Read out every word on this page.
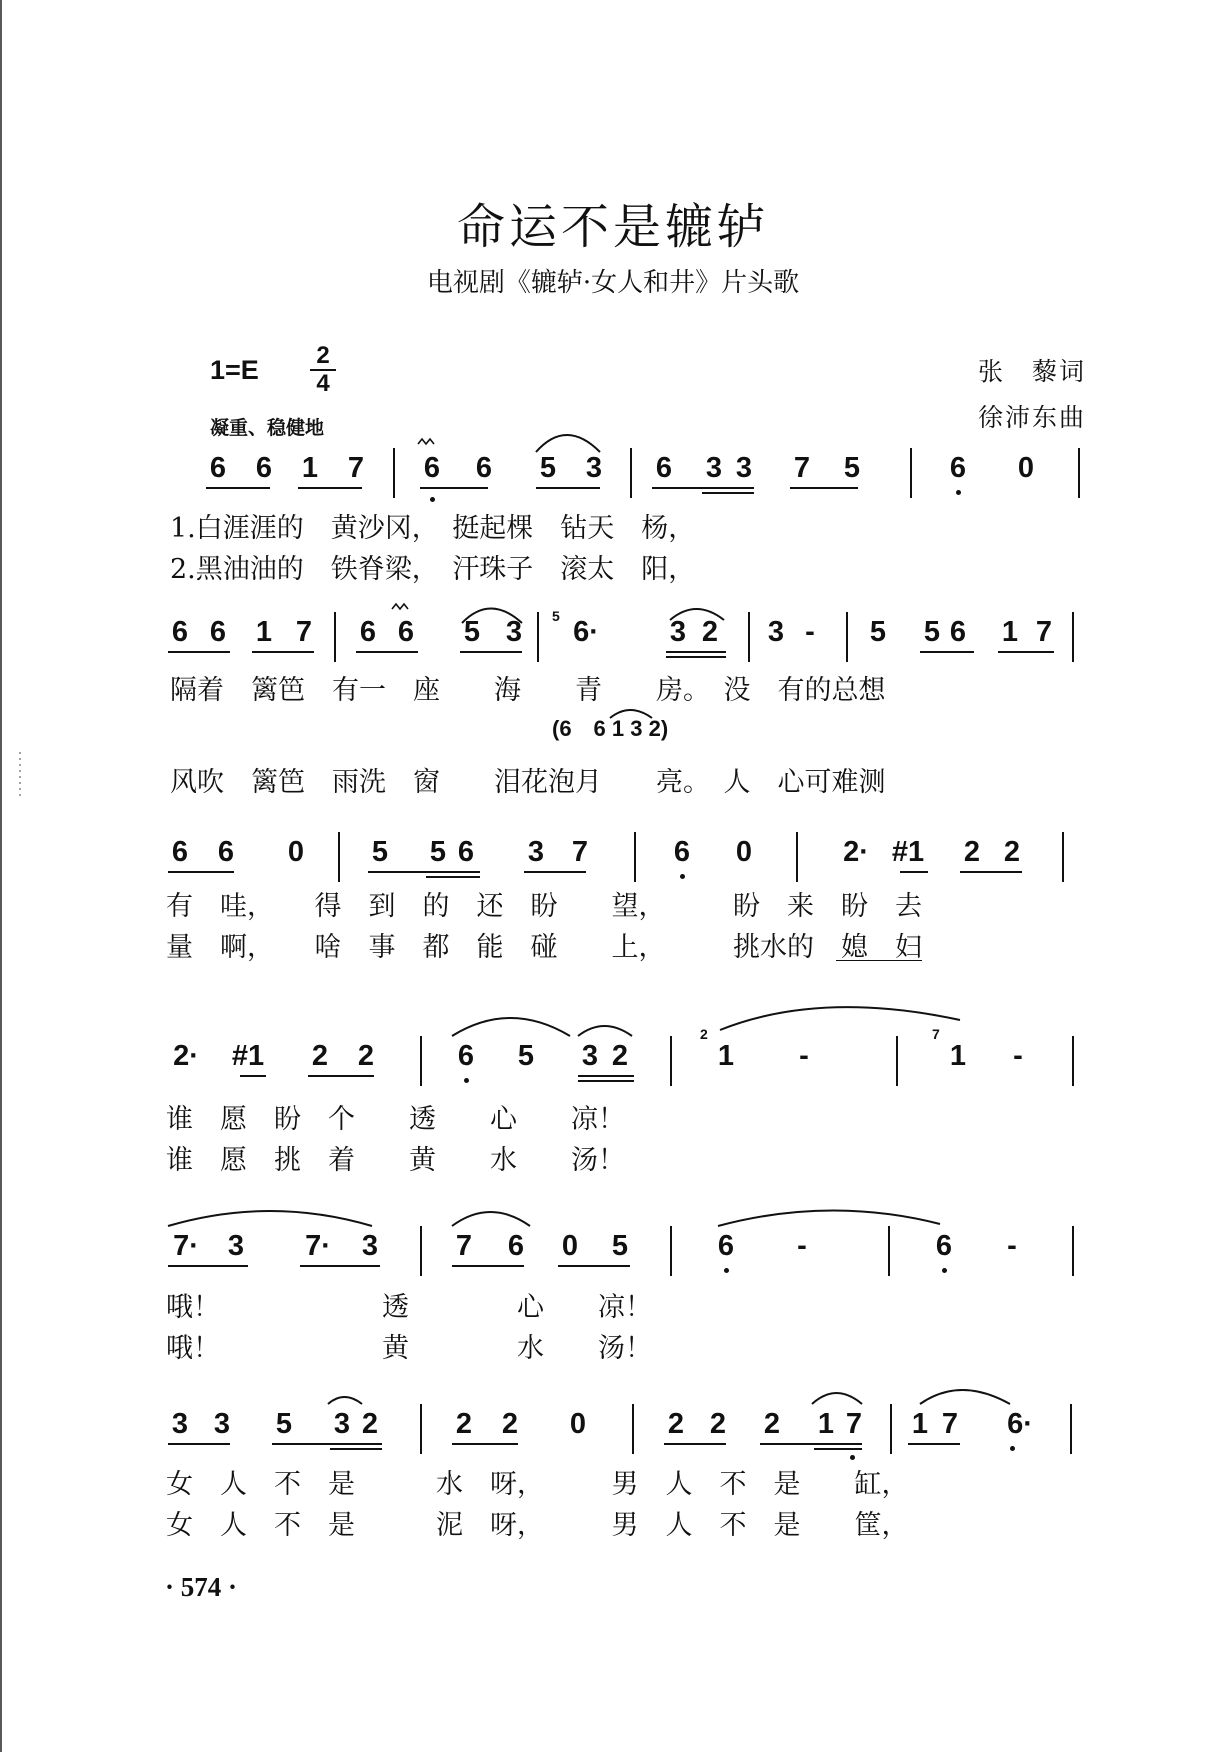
命运不是辘轳
电视剧《辘轳·女人和井》片头歌
1=E 2
4	张　藜词
徐沛东曲
凝重、稳健地
6 6 1 7 6 6 5 3 6 3 3 7 5	6 0
1.白涯涯的　黄沙冈，　挺起棵　钻天　杨，
2.黑油油的　铁脊梁，　汗珠子　滚太　阳，
6 6 1 7 6 6 5 3	5 6· 3 2 3 -	5 5 6 1 7
隔着　篱笆　有一　座　　海　　青　　房。　没　有的总想
(6　6 1 3 2)
风吹　篱笆　雨洗　窗　　泪花泡月　　亮。　人　心可难测
6 6 0 5 5 6 3 7	6 0	2· #1 2 2
有　哇，　　得　到　的　还　盼　　望，　　　盼　来　盼　去
量　啊，　　啥　事　都　能　碰　　上，　　　挑水的　媳　妇
2· #1 2 2	6 5 3 2
2
1	-
7
1	-
谁　愿　盼　个　　透　　心　　凉！
谁　愿　挑　着　　黄　　水　　汤！
7· 3 7· 3	7 6 0 5	6	-	6	-
哦！　　　　　　透　　　　心　　凉！
哦！　　　　　　黄　　　　水　　汤！
3 3 5 3 2	2 2 0	2 2 2 1 7 1 7 6·
女　人　不　是　　　水　呀，　　　男　人　不　是　　缸，
女　人　不　是　　　泥　呀，　　　男　人　不　是　　筐，
· 574 ·
